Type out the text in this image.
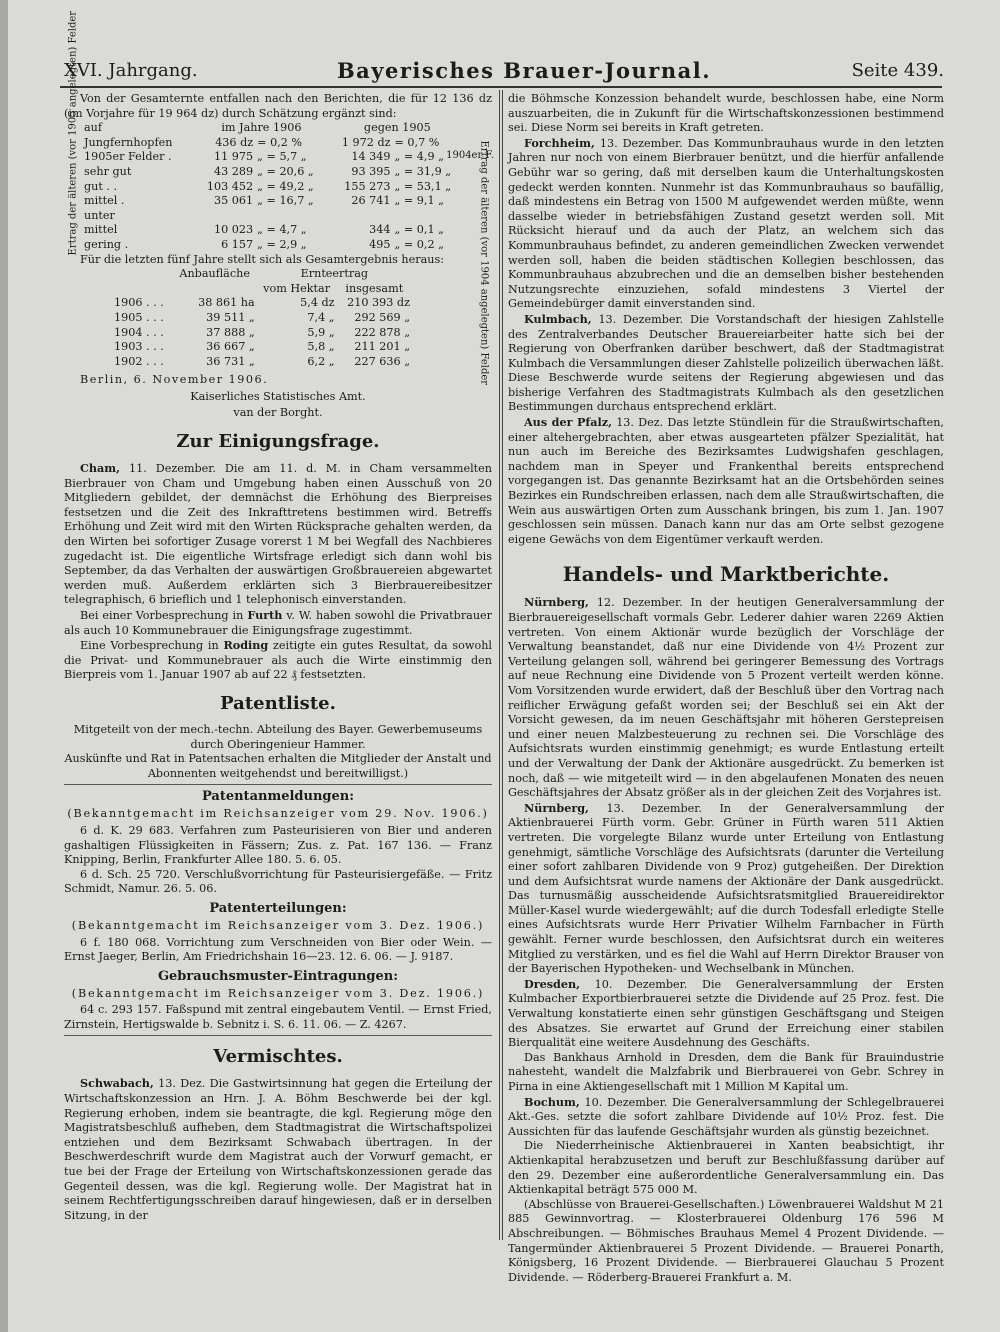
XVI. Jahrgang.	Bayerisches Brauer-Journal.	Seite 439.

Von der Gesamternte entfallen nach den Berichten, die für 12 136 dz (im Vorjahre für 19 964 dz) durch Schätzung ergänzt sind:

Ertrag der älteren (vor 1905 angelegten) Felder auf	im Jahre 1906		gegen 1905	
Jungfernhopfen	436 dz	= 0,2 %	1 972 dz	= 0,7 %
1905er Felder .	11 975	„ = 5,7 „	14 349	„ = 4,9 „
sehr gut	43 289	„ = 20,6 „	93 395	„ = 31,9 „
gut . .	103 452	„ = 49,2 „	155 273	„ = 53,1 „
mittel .	35 061	„ = 16,7 „	26 741	„ = 9,1 „
unter				
mittel	10 023	„ = 4,7 „	344	„ = 0,1 „
gering .	6 157	„ = 2,9 „	495	„ = 0,2 „
1904er F.
Ertrag der älteren (vor 1904 angelegten) Felder

Für die letzten fünf Jahre stellt sich als Gesamtergebnis heraus:

	Anbaufläche	Ernteertrag	
		vom Hektar	insgesamt
1906 . . .	38 861 ha	5,4 dz	210 393 dz
1905 . . .	39 511 „	7,4 „	292 569 „
1904 . . .	37 888 „	5,9 „	222 878 „
1903 . . .	36 667 „	5,8 „	211 201 „
1902 . . .	36 731 „	6,2 „	227 636 „

Berlin, 6. November 1906.

Kaiserliches Statistisches Amt.

van der Borght.

Zur Einigungsfrage.

Cham, 11. Dezember. Die am 11. d. M. in Cham versammelten Bierbrauer von Cham und Umgebung haben einen Ausschuß von 20 Mitgliedern gebildet, der demnächst die Erhöhung des Bierpreises festsetzen und die Zeit des Inkrafttretens bestimmen wird. Betreffs Erhöhung und Zeit wird mit den Wirten Rücksprache gehalten werden, da den Wirten bei sofortiger Zusage vorerst 1 M bei Wegfall des Nachbieres zugedacht ist. Die eigentliche Wirtsfrage erledigt sich dann wohl bis September, da das Verhalten der auswärtigen Großbrauereien abgewartet werden muß. Außerdem erklärten sich 3 Bierbrauereibesitzer telegraphisch, 6 brieflich und 1 telephonisch einverstanden.

Bei einer Vorbesprechung in Furth v. W. haben sowohl die Privatbrauer als auch 10 Kommunebrauer die Einigungsfrage zugestimmt.

Eine Vorbesprechung in Roding zeitigte ein gutes Resultat, da sowohl die Privat- und Kommunebrauer als auch die Wirte einstimmig den Bierpreis vom 1. Januar 1907 ab auf 22 ₰ festsetzten.

Patentliste.

Mitgeteilt von der mech.-techn. Abteilung des Bayer. Gewerbemuseums durch Oberingenieur Hammer.

Auskünfte und Rat in Patentsachen erhalten die Mitglieder der Anstalt und Abonnenten weitgehendst und bereitwilligst.)

Patentanmeldungen:

(Bekanntgemacht im Reichsanzeiger vom 29. Nov. 1906.)

6 d. K. 29 683. Verfahren zum Pasteurisieren von Bier und anderen gashaltigen Flüssigkeiten in Fässern; Zus. z. Pat. 167 136. — Franz Knipping, Berlin, Frankfurter Allee 180. 5. 6. 05.

6 d. Sch. 25 720. Verschlußvorrichtung für Pasteurisiergefäße. — Fritz Schmidt, Namur. 26. 5. 06.

Patenterteilungen:

(Bekanntgemacht im Reichsanzeiger vom 3. Dez. 1906.)

6 f. 180 068. Vorrichtung zum Verschneiden von Bier oder Wein. — Ernst Jaeger, Berlin, Am Friedrichshain 16—23. 12. 6. 06. — J. 9187.

Gebrauchsmuster-Eintragungen:

(Bekanntgemacht im Reichsanzeiger vom 3. Dez. 1906.)

64 c. 293 157. Faßspund mit zentral eingebautem Ventil. — Ernst Fried, Zirnstein, Hertigswalde b. Sebnitz i. S. 6. 11. 06. — Z. 4267.

Vermischtes.

Schwabach, 13. Dez. Die Gastwirtsinnung hat gegen die Erteilung der Wirtschaftskonzession an Hrn. J. A. Böhm Beschwerde bei der kgl. Regierung erhoben, indem sie beantragte, die kgl. Regierung möge den Magistratsbeschluß aufheben, dem Stadtmagistrat die Wirtschaftspolizei entziehen und dem Bezirksamt Schwabach übertragen. In der Beschwerdeschrift wurde dem Magistrat auch der Vorwurf gemacht, er tue bei der Frage der Erteilung von Wirtschaftskonzessionen gerade das Gegenteil dessen, was die kgl. Regierung wolle. Der Magistrat hat in seinem Rechtfertigungsschreiben darauf hingewiesen, daß er in derselben Sitzung, in der

die Böhmsche Konzession behandelt wurde, beschlossen habe, eine Norm auszuarbeiten, die in Zukunft für die Wirtschaftskonzessionen bestimmend sei. Diese Norm sei bereits in Kraft getreten.

Forchheim, 13. Dezember. Das Kommunbrauhaus wurde in den letzten Jahren nur noch von einem Bierbrauer benützt, und die hierfür anfallende Gebühr war so gering, daß mit derselben kaum die Unterhaltungskosten gedeckt werden konnten. Nunmehr ist das Kommunbrauhaus so baufällig, daß mindestens ein Betrag von 1500 M aufgewendet werden müßte, wenn dasselbe wieder in betriebsfähigen Zustand gesetzt werden soll. Mit Rücksicht hierauf und da auch der Platz, an welchem sich das Kommunbrauhaus befindet, zu anderen gemeindlichen Zwecken verwendet werden soll, haben die beiden städtischen Kollegien beschlossen, das Kommunbrauhaus abzubrechen und die an demselben bisher bestehenden Nutzungsrechte einzuziehen, sofald mindestens 3 Viertel der Gemeindebürger damit einverstanden sind.

Kulmbach, 13. Dezember. Die Vorstandschaft der hiesigen Zahlstelle des Zentralverbandes Deutscher Brauereiarbeiter hatte sich bei der Regierung von Oberfranken darüber beschwert, daß der Stadtmagistrat Kulmbach die Versammlungen dieser Zahlstelle polizeilich überwachen läßt. Diese Beschwerde wurde seitens der Regierung abgewiesen und das bisherige Verfahren des Stadtmagistrats Kulmbach als den gesetzlichen Bestimmungen durchaus entsprechend erklärt.

Aus der Pfalz, 13. Dez. Das letzte Stündlein für die Straußwirtschaften, einer altehergebrachten, aber etwas ausgearteten pfälzer Spezialität, hat nun auch im Bereiche des Bezirksamtes Ludwigshafen geschlagen, nachdem man in Speyer und Frankenthal bereits entsprechend vorgegangen ist. Das genannte Bezirksamt hat an die Ortsbehörden seines Bezirkes ein Rundschreiben erlassen, nach dem alle Straußwirtschaften, die Wein aus auswärtigen Orten zum Ausschank bringen, bis zum 1. Jan. 1907 geschlossen sein müssen. Danach kann nur das am Orte selbst gezogene eigene Gewächs von dem Eigentümer verkauft werden.

Handels- und Marktberichte.

Nürnberg, 12. Dezember. In der heutigen Generalversammlung der Bierbrauereigesellschaft vormals Gebr. Lederer dahier waren 2269 Aktien vertreten. Von einem Aktionär wurde bezüglich der Vorschläge der Verwaltung beanstandet, daß nur eine Dividende von 4½ Prozent zur Verteilung gelangen soll, während bei geringerer Bemessung des Vortrags auf neue Rechnung eine Dividende von 5 Prozent verteilt werden könne. Vom Vorsitzenden wurde erwidert, daß der Beschluß über den Vortrag nach reiflicher Erwägung gefaßt worden sei; der Beschluß sei ein Akt der Vorsicht gewesen, da im neuen Geschäftsjahr mit höheren Gerstepreisen und einer neuen Malzbesteuerung zu rechnen sei. Die Vorschläge des Aufsichtsrats wurden einstimmig genehmigt; es wurde Entlastung erteilt und der Verwaltung der Dank der Aktionäre ausgedrückt. Zu bemerken ist noch, daß — wie mitgeteilt wird — in den abgelaufenen Monaten des neuen Geschäftsjahres der Absatz größer als in der gleichen Zeit des Vorjahres ist.

Nürnberg, 13. Dezember. In der Generalversammlung der Aktienbrauerei Fürth vorm. Gebr. Grüner in Fürth waren 511 Aktien vertreten. Die vorgelegte Bilanz wurde unter Erteilung von Entlastung genehmigt, sämtliche Vorschläge des Aufsichtsrats (darunter die Verteilung einer sofort zahlbaren Dividende von 9 Proz) gutgeheißen. Der Direktion und dem Aufsichtsrat wurde namens der Aktionäre der Dank ausgedrückt. Das turnusmäßig ausscheidende Aufsichtsratsmitglied Brauereidirektor Müller-Kasel wurde wiedergewählt; auf die durch Todesfall erledigte Stelle eines Aufsichtsrats wurde Herr Privatier Wilhelm Farnbacher in Fürth gewählt. Ferner wurde beschlossen, den Aufsichtsrat durch ein weiteres Mitglied zu verstärken, und es fiel die Wahl auf Herrn Direktor Brauser von der Bayerischen Hypotheken- und Wechselbank in München.

Dresden, 10. Dezember. Die Generalversammlung der Ersten Kulmbacher Exportbierbrauerei setzte die Dividende auf 25 Proz. fest. Die Verwaltung konstatierte einen sehr günstigen Geschäftsgang und Steigen des Absatzes. Sie erwartet auf Grund der Erreichung einer stabilen Bierqualität eine weitere Ausdehnung des Geschäfts.

Das Bankhaus Arnhold in Dresden, dem die Bank für Brauindustrie nahesteht, wandelt die Malzfabrik und Bierbrauerei von Gebr. Schrey in Pirna in eine Aktiengesellschaft mit 1 Million M Kapital um.

Bochum, 10. Dezember. Die Generalversammlung der Schlegelbrauerei Akt.-Ges. setzte die sofort zahlbare Dividende auf 10½ Proz. fest. Die Aussichten für das laufende Geschäftsjahr wurden als günstig bezeichnet.

Die Niederrheinische Aktienbrauerei in Xanten beabsichtigt, ihr Aktienkapital herabzusetzen und beruft zur Beschlußfassung darüber auf den 29. Dezember eine außerordentliche Generalversammlung ein. Das Aktienkapital beträgt 575 000 M.

(Abschlüsse von Brauerei-Gesellschaften.) Löwenbrauerei Waldshut M 21 885 Gewinnvortrag. — Klosterbrauerei Oldenburg 176 596 M Abschreibungen. — Böhmisches Brauhaus Memel 4 Prozent Dividende. — Tangermünder Aktienbrauerei 5 Prozent Dividende. — Brauerei Ponarth, Königsberg, 16 Prozent Dividende. — Bierbrauerei Glauchau 5 Prozent Dividende. — Röderberg-Brauerei Frankfurt a. M.
